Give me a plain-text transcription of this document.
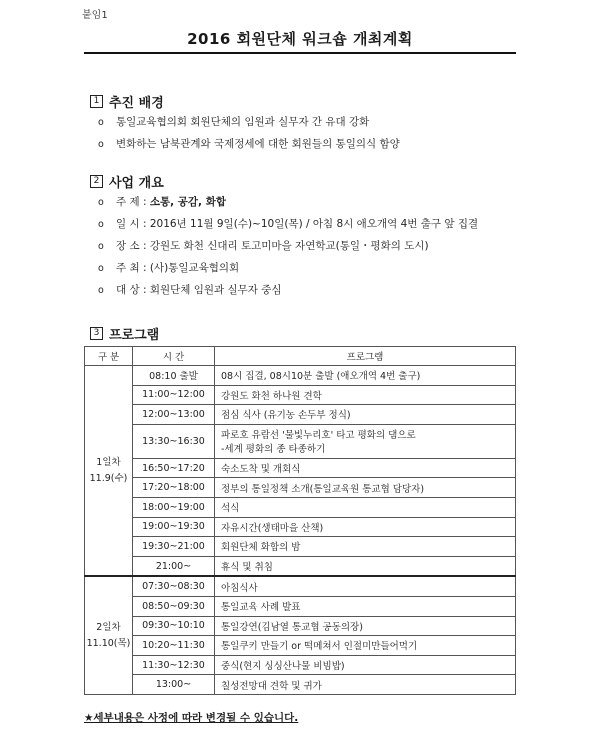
붙임1
2016 회원단체 워크숍 개최계획
1 추진 배경
o 통일교육협의회 회원단체의 임원과 실무자 간 유대 강화
o 변화하는 남북관계와 국제정세에 대한 회원들의 통일의식 함양
2 사업 개요
o 주 제 : 소통, 공감, 화합
o 일 시 : 2016년 11월 9일(수)~10일(목) / 아침 8시 애오개역 4번 출구 앞 집결
o 장 소 : 강원도 화천 신대리 토고미마을 자연학교(통일・평화의 도시)
o 주 최 : (사)통일교육협의회
o 대 상 : 회원단체 임원과 실무자 중심
3 프로그램
구 분	시 간	프로그램

1일차
11.9(수)	08:10 출발	08시 집결, 08시10분 출발 (애오개역 4번 출구)
	11:00~12:00	강원도 화천 하나원 견학
	12:00~13:00	점심 식사 (유기농 손두부 정식)
	13:30~16:30	파로호 유람선 '물빛누리호' 타고 평화의 댐으로
-세계 평화의 종 타종하기

	16:50~17:20	숙소도착 및 개회식
	17:20~18:00	정부의 통일정책 소개(통일교육원 통교협 담당자)
	18:00~19:00	석식
	19:00~19:30	자유시간(생태마을 산책)
	19:30~21:00	회원단체 화합의 밤
	21:00~	휴식 및 취침

2일차
11.10(목)	07:30~08:30	아침식사
	08:50~09:30	통일교육 사례 발표
	09:30~10:10	통일강연(김남열 통교협 공동의장)
	10:20~11:30	통일쿠키 만들기 or 떡메쳐서 인절미만들어먹기
	11:30~12:30	중식(현지 싱싱산나물 비빔밥)
	13:00~	칠성전망대 견학 및 귀가
★세부내용은 사정에 따라 변경될 수 있습니다.
